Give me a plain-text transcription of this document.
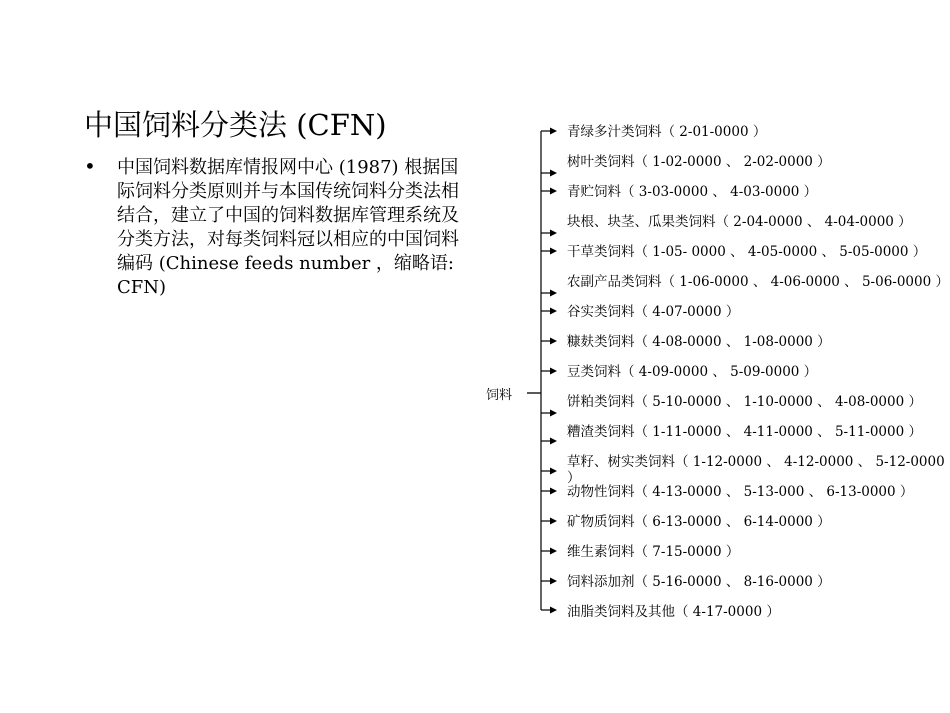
中国饲料分类法 (CFN)
• 中国饲料数据库情报网中心 (1987) 根据国际饲料分类原则并与本国传统饲料分类法相结合，建立了中国的饲料数据库管理系统及分类方法，对每类饲料冠以相应的中国饲料编码 (Chinese feeds number ，缩略语: CFN)
饲料
青绿多汁类饲料（ 2-01-0000 ）
树叶类饲料（ 1-02-0000 、 2-02-0000 ）
青贮饲料（ 3-03-0000 、 4-03-0000 ）
块根、块茎、瓜果类饲料（ 2-04-0000 、 4-04-0000 ）
干草类饲料（ 1-05- 0000 、 4-05-0000 、 5-05-0000 ）
农副产品类饲料（ 1-06-0000 、 4-06-0000 、 5-06-0000 ）
谷实类饲料（ 4-07-0000 ）
糠麸类饲料（ 4-08-0000 、 1-08-0000 ）
豆类饲料（ 4-09-0000 、 5-09-0000 ）
饼粕类饲料（ 5-10-0000 、 1-10-0000 、 4-08-0000 ）
糟渣类饲料（ 1-11-0000 、 4-11-0000 、 5-11-0000 ）
草籽、树实类饲料（ 1-12-0000 、 4-12-0000 、 5-12-0000 ）
动物性饲料（ 4-13-0000 、 5-13-000 、 6-13-0000 ）
矿物质饲料（ 6-13-0000 、 6-14-0000 ）
维生素饲料（ 7-15-0000 ）
饲料添加剂（ 5-16-0000 、 8-16-0000 ）
油脂类饲料及其他（ 4-17-0000 ）
